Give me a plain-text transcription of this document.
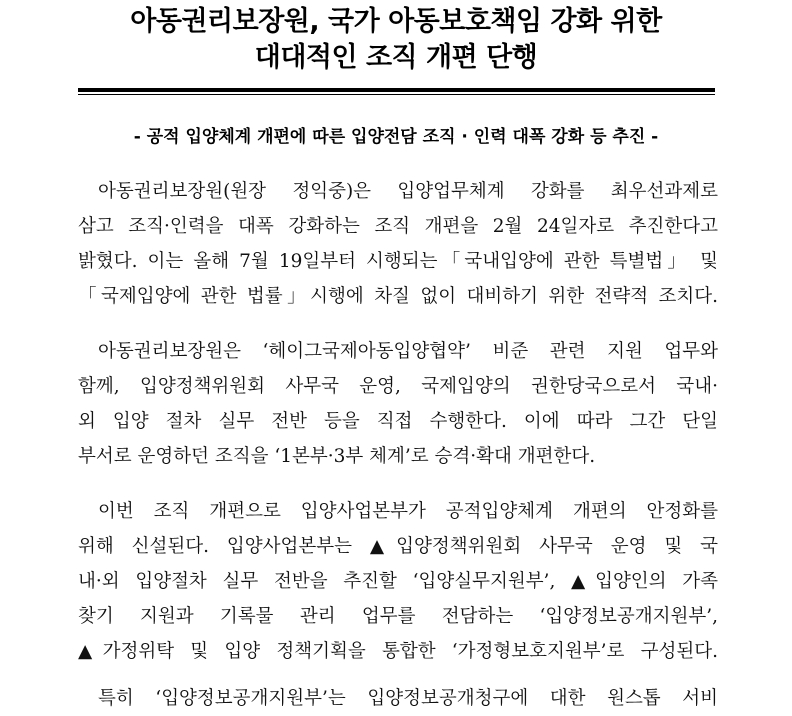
아동권리보장원, 국가 아동보호책임 강화 위한
대대적인 조직 개편 단행
- 공적 입양체계 개편에 따른 입양전담 조직 · 인력 대폭 강화 등 추진 -
아동권리보장원(원장 정익중)은 입양업무체계 강화를 최우선과제로
삼고 조직·인력을 대폭 강화하는 조직 개편을 2월 24일자로 추진한다고
밝혔다. 이는 올해 7월 19일부터 시행되는「국내입양에 관한 특별법」 및
「국제입양에 관한 법률」시행에 차질 없이 대비하기 위한 전략적 조치다.
아동권리보장원은 ‘헤이그국제아동입양협약’ 비준 관련 지원 업무와
함께, 입양정책위원회 사무국 운영, 국제입양의 권한당국으로서 국내·
외 입양 절차 실무 전반 등을 직접 수행한다. 이에 따라 그간 단일
부서로 운영하던 조직을 ‘1본부·3부 체계’로 승격·확대 개편한다.
이번 조직 개편으로 입양사업본부가 공적입양체계 개편의 안정화를
위해 신설된다. 입양사업본부는 ▲입양정책위원회 사무국 운영 및 국
내·외 입양절차 실무 전반을 추진할 ‘입양실무지원부’, ▲입양인의 가족
찾기 지원과 기록물 관리 업무를 전담하는 ‘입양정보공개지원부’,
▲가정위탁 및 입양 정책기획을 통합한 ‘가정형보호지원부’로 구성된다.
특히 ‘입양정보공개지원부’는 입양정보공개청구에 대한 원스톱 서비
